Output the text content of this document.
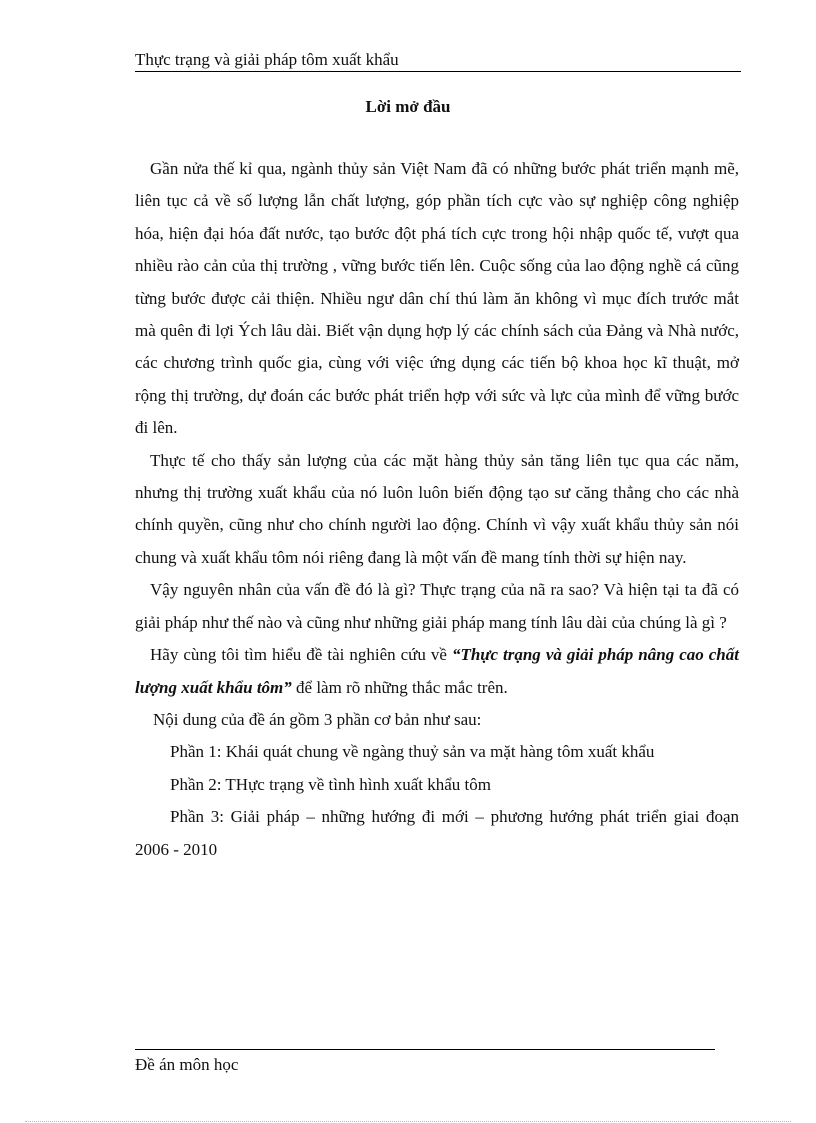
Thực trạng và giải pháp tôm xuất khẩu
Lời mở đầu

Gần nửa thế kỉ qua, ngành thủy sản Việt Nam đã có những bước phát triển mạnh mẽ, liên tục cả về số lượng lẫn chất lượng, góp phần tích cực vào sự nghiệp công nghiệp hóa, hiện đại hóa đất nước, tạo bước đột phá tích cực trong hội nhập quốc tế, vượt qua nhiều rào cản của thị trường , vững bước tiến lên. Cuộc sống của lao động nghề cá cũng từng bước được cải thiện. Nhiều ngư dân chí thú làm ăn không vì mục đích trước mắt mà quên đi lợi Ých lâu dài. Biết vận dụng hợp lý các chính sách của Đảng và Nhà nước, các chương trình quốc gia, cùng với việc ứng dụng các tiến bộ khoa học kĩ thuật, mở rộng thị trường, dự đoán các bước phát triển hợp với sức và lực của mình để vững bước đi lên.

Thực tế cho thấy sản lượng của các mặt hàng thủy sản tăng liên tục qua các năm, nhưng thị trường xuất khẩu của nó luôn luôn biến động tạo sư căng thẳng cho các nhà chính quyền, cũng như cho chính người lao động. Chính vì vậy xuất khẩu thủy sản nói chung và xuất khẩu tôm nói riêng đang là một vấn đề mang tính thời sự hiện nay.

Vậy nguyên nhân của vấn đề đó là gì? Thực trạng của nã ra sao? Và hiện tại ta đã có giải pháp như thế nào và cũng như những giải pháp mang tính lâu dài của chúng là gì ?

Hãy cùng tôi tìm hiểu đề tài nghiên cứu về “Thực trạng và giải pháp nâng cao chất lượng xuất khẩu tôm” để làm rõ những thắc mắc trên.

Nội dung của đề án gồm 3 phần cơ bản như sau:

Phần 1: Khái quát chung về ngàng thuỷ sản va mặt hàng tôm xuất khẩu

Phần 2: THực trạng về tình hình xuất khẩu tôm

Phần 3: Giải pháp – những hướng đi mới – phương hướng phát triển giai đoạn 2006 - 2010

Đề án môn học
